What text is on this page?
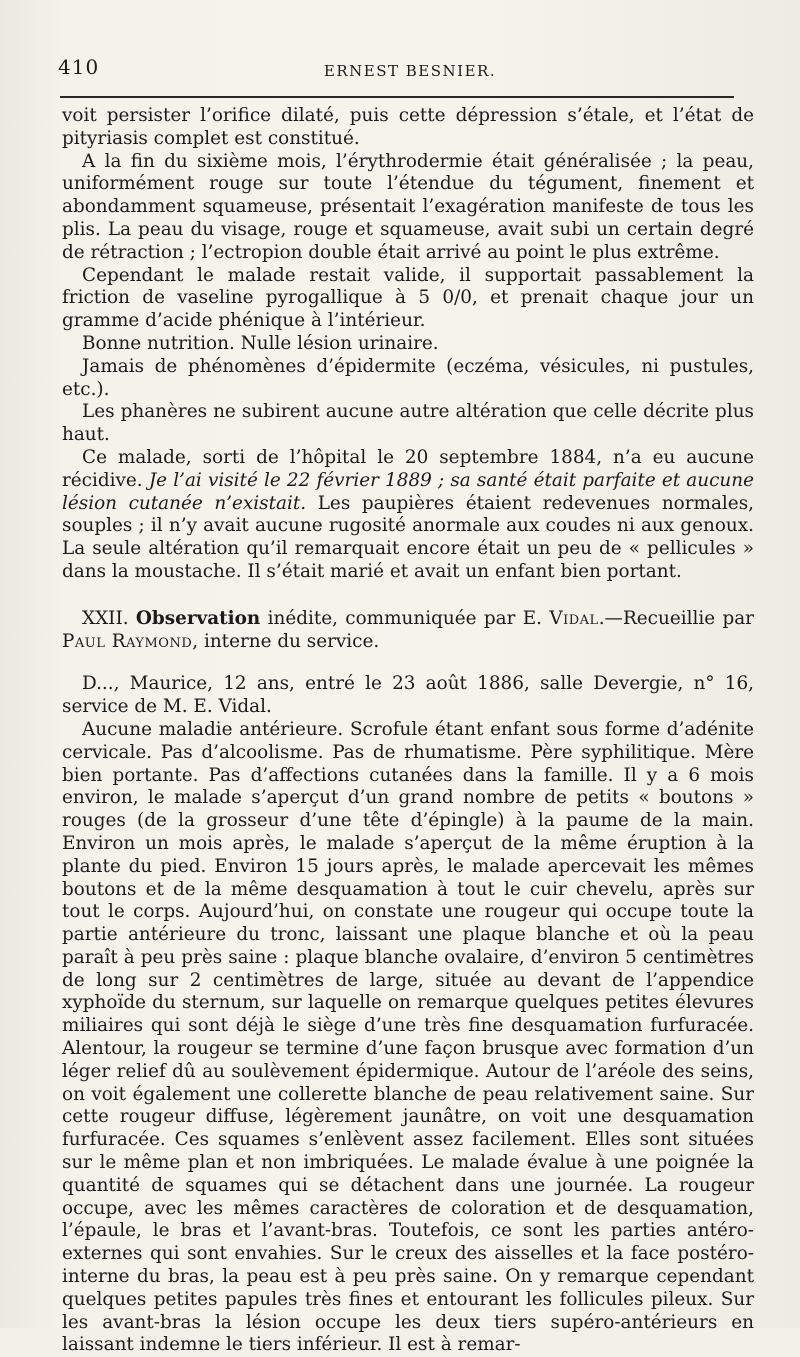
410	ERNEST BESNIER.

voit persister l’orifice dilaté, puis cette dépression s’étale, et l’état de pityriasis complet est constitué.

A la fin du sixième mois, l’érythrodermie était généralisée ; la peau, uniformément rouge sur toute l’étendue du tégument, finement et abondamment squameuse, présentait l’exagération manifeste de tous les plis. La peau du visage, rouge et squameuse, avait subi un certain degré de rétraction ; l’ectropion double était arrivé au point le plus extrême.

Cependant le malade restait valide, il supportait passablement la friction de vaseline pyrogallique à 5 0/0, et prenait chaque jour un gramme d’acide phénique à l’intérieur.

Bonne nutrition. Nulle lésion urinaire.

Jamais de phénomènes d’épidermite (eczéma, vésicules, ni pustules, etc.).

Les phanères ne subirent aucune autre altération que celle décrite plus haut.

Ce malade, sorti de l’hôpital le 20 septembre 1884, n’a eu aucune récidive. Je l’ai visité le 22 février 1889 ; sa santé était parfaite et aucune lésion cutanée n’existait. Les paupières étaient redevenues normales, souples ; il n’y avait aucune rugosité anormale aux coudes ni aux genoux. La seule altération qu’il remarquait encore était un peu de « pellicules » dans la moustache. Il s’était marié et avait un enfant bien portant.

XXII. Observation inédite, communiquée par E. Vidal.—Recueillie par Paul Raymond, interne du service.

D..., Maurice, 12 ans, entré le 23 août 1886, salle Devergie, n° 16, service de M. E. Vidal.

Aucune maladie antérieure. Scrofule étant enfant sous forme d’adénite cervicale. Pas d’alcoolisme. Pas de rhumatisme. Père syphilitique. Mère bien portante. Pas d’affections cutanées dans la famille. Il y a 6 mois environ, le malade s’aperçut d’un grand nombre de petits « boutons » rouges (de la grosseur d’une tête d’épingle) à la paume de la main. Environ un mois après, le malade s’aperçut de la même éruption à la plante du pied. Environ 15 jours après, le malade apercevait les mêmes boutons et de la même desquamation à tout le cuir chevelu, après sur tout le corps. Aujourd’hui, on constate une rougeur qui occupe toute la partie antérieure du tronc, laissant une plaque blanche et où la peau paraît à peu près saine : plaque blanche ovalaire, d’environ 5 centimètres de long sur 2 centimètres de large, située au devant de l’appendice xyphoïde du sternum, sur laquelle on remarque quelques petites élevures miliaires qui sont déjà le siège d’une très fine desquamation furfuracée. Alentour, la rougeur se termine d’une façon brusque avec formation d’un léger relief dû au soulèvement épidermique. Autour de l’aréole des seins, on voit également une collerette blanche de peau relativement saine. Sur cette rougeur diffuse, légèrement jaunâtre, on voit une desquamation furfuracée. Ces squames s’enlèvent assez facilement. Elles sont situées sur le même plan et non imbriquées. Le malade évalue à une poignée la quantité de squames qui se détachent dans une journée. La rougeur occupe, avec les mêmes caractères de coloration et de desquamation, l’épaule, le bras et l’avant-bras. Toutefois, ce sont les parties antéro-externes qui sont envahies. Sur le creux des aisselles et la face postéro-interne du bras, la peau est à peu près saine. On y remarque cependant quelques petites papules très fines et entourant les follicules pileux. Sur les avant-bras la lésion occupe les deux tiers supéro-antérieurs en laissant indemne le tiers inférieur. Il est à remar-
